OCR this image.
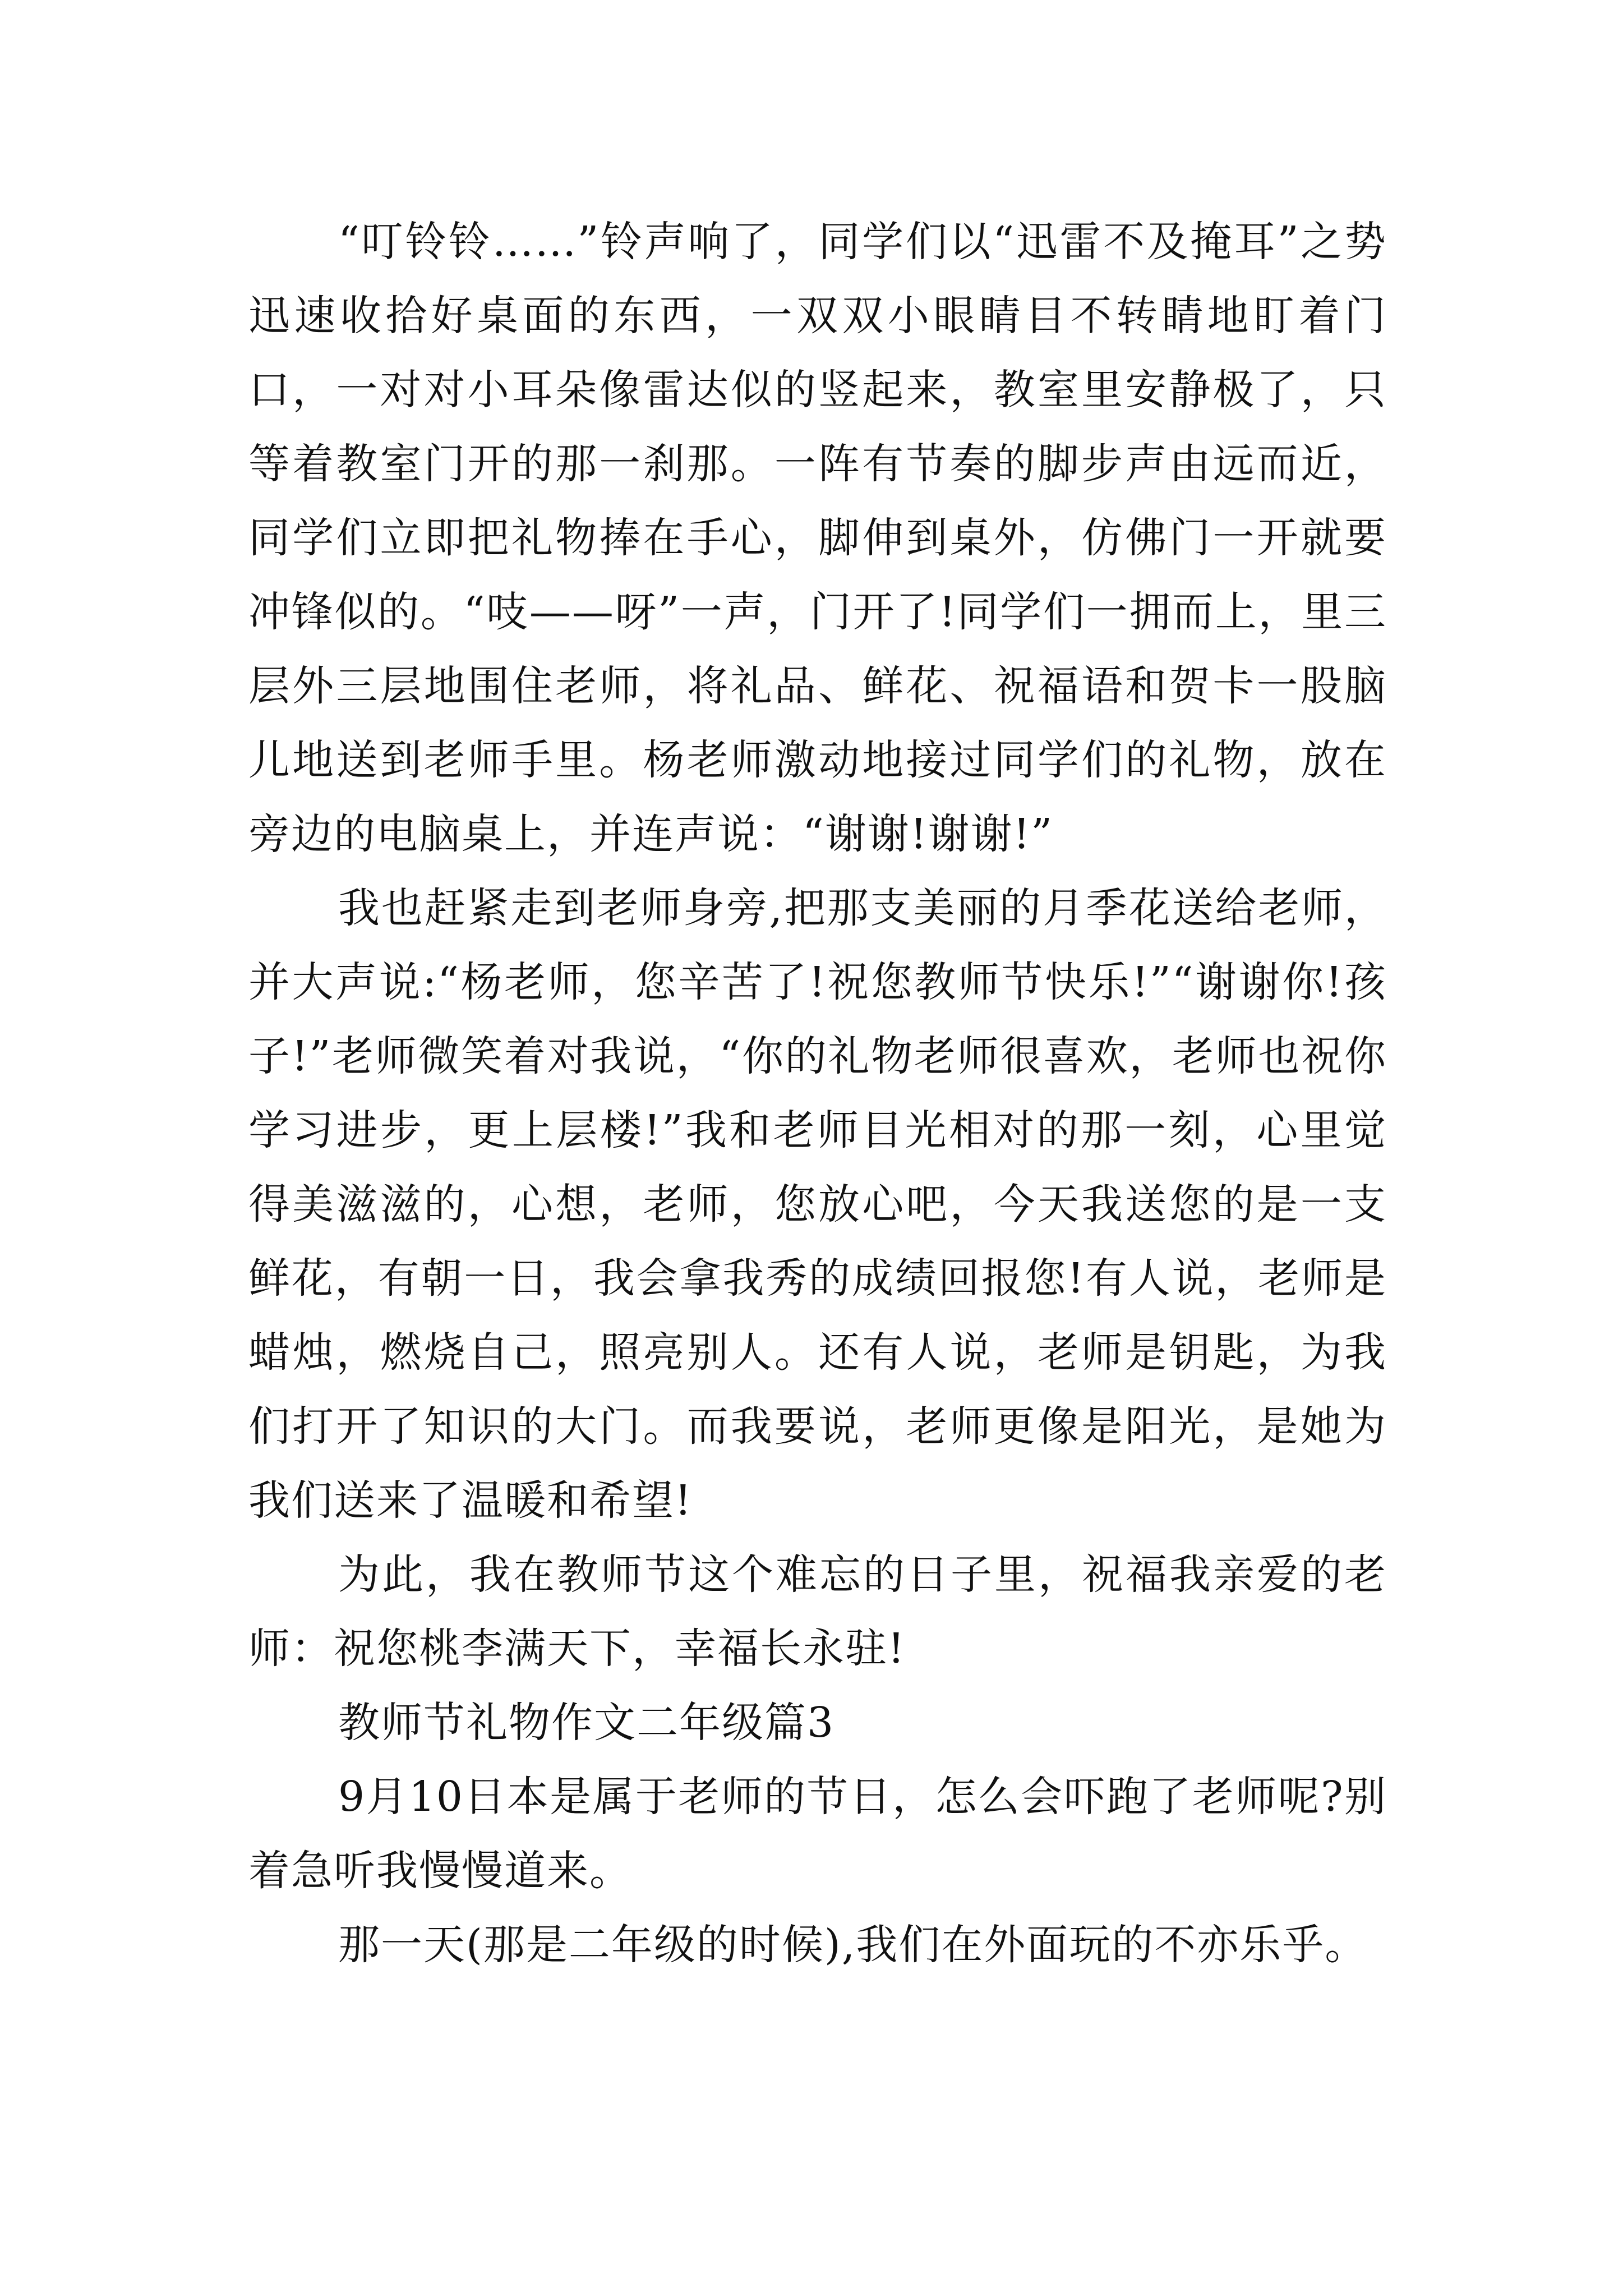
“叮铃铃……”铃声响了，同学们以“迅雷不及掩耳”之势迅速收拾好桌面的东西，一双双小眼睛目不转睛地盯着门口，一对对小耳朵像雷达似的竖起来，教室里安静极了，只等着教室门开的那一刹那。一阵有节奏的脚步声由远而近，同学们立即把礼物捧在手心，脚伸到桌外，仿佛门一开就要冲锋似的。“吱——呀”一声，门开了!同学们一拥而上，里三层外三层地围住老师，将礼品、鲜花、祝福语和贺卡一股脑儿地送到老师手里。杨老师激动地接过同学们的礼物，放在旁边的电脑桌上，并连声说：“谢谢!谢谢!”

我也赶紧走到老师身旁,把那支美丽的月季花送给老师，并大声说:“杨老师，您辛苦了!祝您教师节快乐!”“谢谢你!孩子!”老师微笑着对我说，“你的礼物老师很喜欢，老师也祝你学习进步，更上层楼!”我和老师目光相对的那一刻，心里觉得美滋滋的，心想，老师，您放心吧，今天我送您的是一支鲜花，有朝一日，我会拿我秀的成绩回报您!有人说，老师是蜡烛，燃烧自己，照亮别人。还有人说，老师是钥匙，为我们打开了知识的大门。而我要说，老师更像是阳光，是她为我们送来了温暖和希望!

为此，我在教师节这个难忘的日子里，祝福我亲爱的老师：祝您桃李满天下，幸福长永驻!

教师节礼物作文二年级篇3

9月10日本是属于老师的节日，怎么会吓跑了老师呢?别着急听我慢慢道来。

那一天(那是二年级的时候),我们在外面玩的不亦乐乎。
